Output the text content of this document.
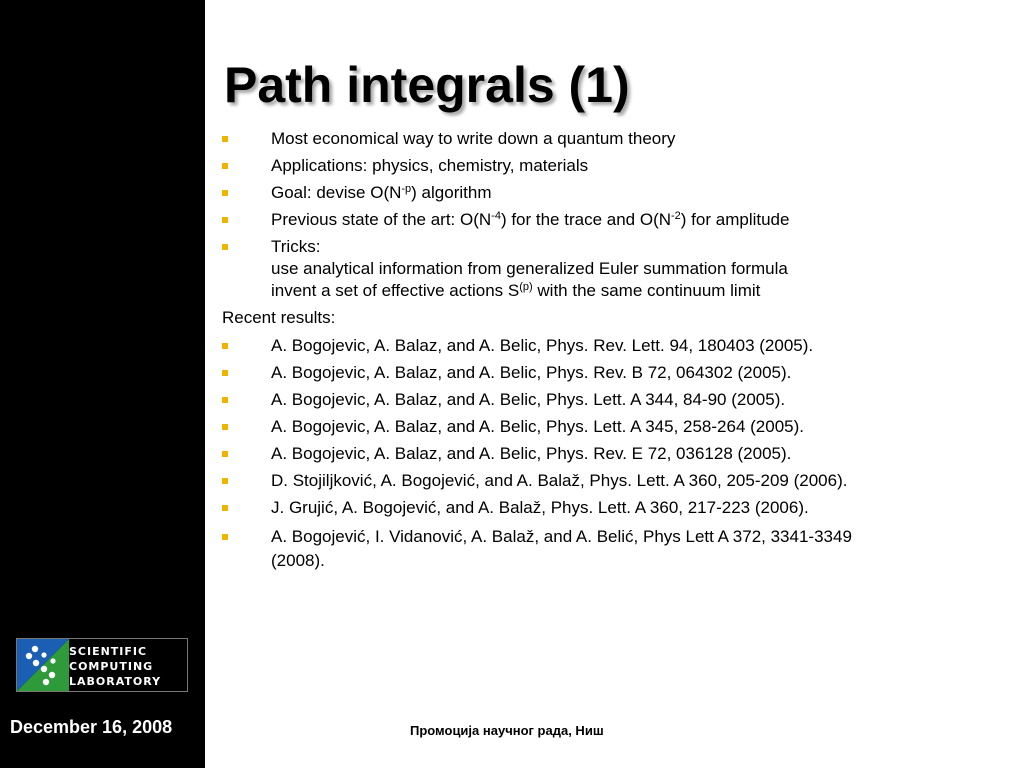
SCIENTIFIC
COMPUTING
LABORATORY
December 16, 2008
Path integrals (1)
Most economical way to write down a quantum theory
Applications: physics, chemistry, materials
Goal: devise $O(N^{-p})$ algorithm
Previous state of the art: $O(N^{-4})$ for the trace and $O(N^{-2})$ for amplitude
Tricks:
use analytical information from generalized Euler summation formula
invent a set of effective actions $S^{(p)}$ with the same continuum limit
Recent results:
A. Bogojevic, A. Balaz, and A. Belic, Phys. Rev. Lett. 94, 180403 (2005).
A. Bogojevic, A. Balaz, and A. Belic, Phys. Rev. B 72, 064302 (2005).
A. Bogojevic, A. Balaz, and A. Belic, Phys. Lett. A 344, 84-90 (2005).
A. Bogojevic, A. Balaz, and A. Belic, Phys. Lett. A 345, 258-264 (2005).
A. Bogojevic, A. Balaz, and A. Belic, Phys. Rev. E 72, 036128 (2005).
D. Stojiljković, A. Bogojević, and A. Balaž, Phys. Lett. A 360, 205-209 (2006).
J. Grujić, A. Bogojević, and A. Balaž, Phys. Lett. A 360, 217-223 (2006).
A. Bogojević, I. Vidanović, A. Balaž, and A. Belić, Phys Lett A 372, 3341-3349
(2008).
Промоција научног рада, Ниш
